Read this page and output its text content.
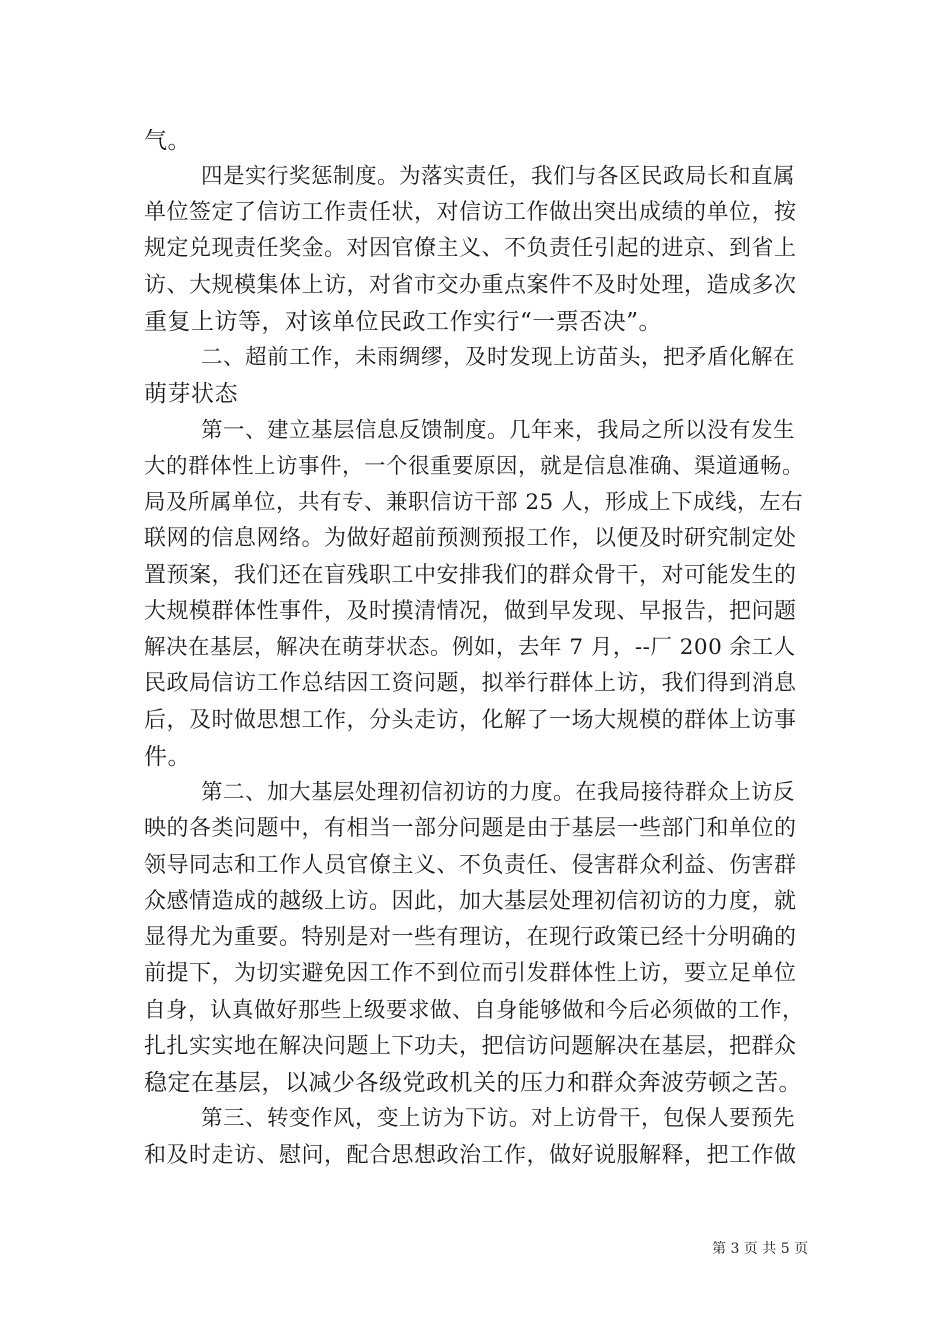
气。
四是实行奖惩制度。为落实责任，我们与各区民政局长和直属
单位签定了信访工作责任状，对信访工作做出突出成绩的单位，按
规定兑现责任奖金。对因官僚主义、不负责任引起的进京、到省上
访、大规模集体上访，对省市交办重点案件不及时处理，造成多次
重复上访等，对该单位民政工作实行“一票否决”。
二、超前工作，未雨绸缪，及时发现上访苗头，把矛盾化解在
萌芽状态
第一、建立基层信息反馈制度。几年来，我局之所以没有发生
大的群体性上访事件，一个很重要原因，就是信息准确、渠道通畅。
局及所属单位，共有专、兼职信访干部 25 人，形成上下成线，左右
联网的信息网络。为做好超前预测预报工作，以便及时研究制定处
置预案，我们还在盲残职工中安排我们的群众骨干，对可能发生的
大规模群体性事件，及时摸清情况，做到早发现、早报告，把问题
解决在基层，解决在萌芽状态。例如，去年 7 月，--厂 200 余工人
民政局信访工作总结因工资问题，拟举行群体上访，我们得到消息
后，及时做思想工作，分头走访，化解了一场大规模的群体上访事
件。
第二、加大基层处理初信初访的力度。在我局接待群众上访反
映的各类问题中，有相当一部分问题是由于基层一些部门和单位的
领导同志和工作人员官僚主义、不负责任、侵害群众利益、伤害群
众感情造成的越级上访。因此，加大基层处理初信初访的力度，就
显得尤为重要。特别是对一些有理访，在现行政策已经十分明确的
前提下，为切实避免因工作不到位而引发群体性上访，要立足单位
自身，认真做好那些上级要求做、自身能够做和今后必须做的工作，
扎扎实实地在解决问题上下功夫，把信访问题解决在基层，把群众
稳定在基层，以减少各级党政机关的压力和群众奔波劳顿之苦。
第三、转变作风，变上访为下访。对上访骨干，包保人要预先
和及时走访、慰问，配合思想政治工作，做好说服解释，把工作做
第 3 页 共 5 页
